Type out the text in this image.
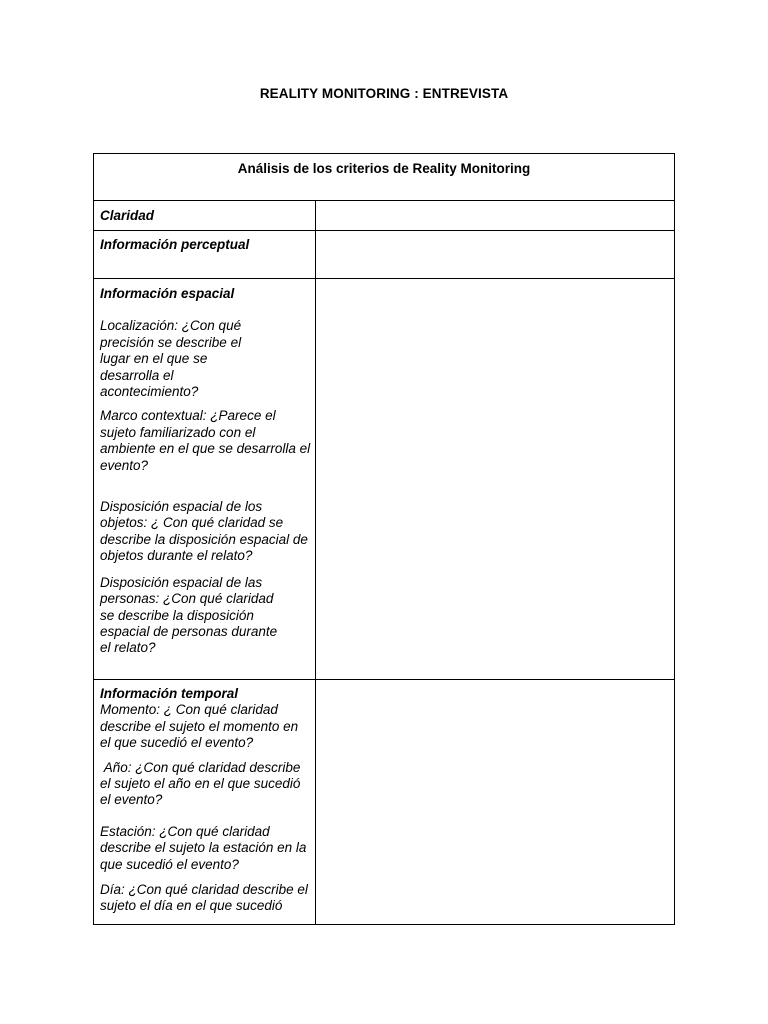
REALITY MONITORING : ENTREVISTA
Análisis de los criterios de Reality Monitoring
Claridad
Información perceptual

Información espacial

Localización: ¿Con qué precisión se describe el lugar en el que se desarrolla el acontecimiento?

Marco contextual: ¿Parece el sujeto familiarizado con el ambiente en el que se desarrolla el evento?

Disposición espacial de los objetos: ¿ Con qué claridad se describe la disposición espacial de objetos durante el relato?

Disposición espacial de las personas: ¿Con qué claridad se describe la disposición espacial de personas durante el relato?

Información temporal

Momento: ¿ Con qué claridad describe el sujeto el momento en el que sucedió el evento?

Año: ¿Con qué claridad describe el sujeto el año en el que sucedió el evento?

Estación: ¿Con qué claridad describe el sujeto la estación en la que sucedió el evento?

Día: ¿Con qué claridad describe el sujeto el día en el que sucedió
